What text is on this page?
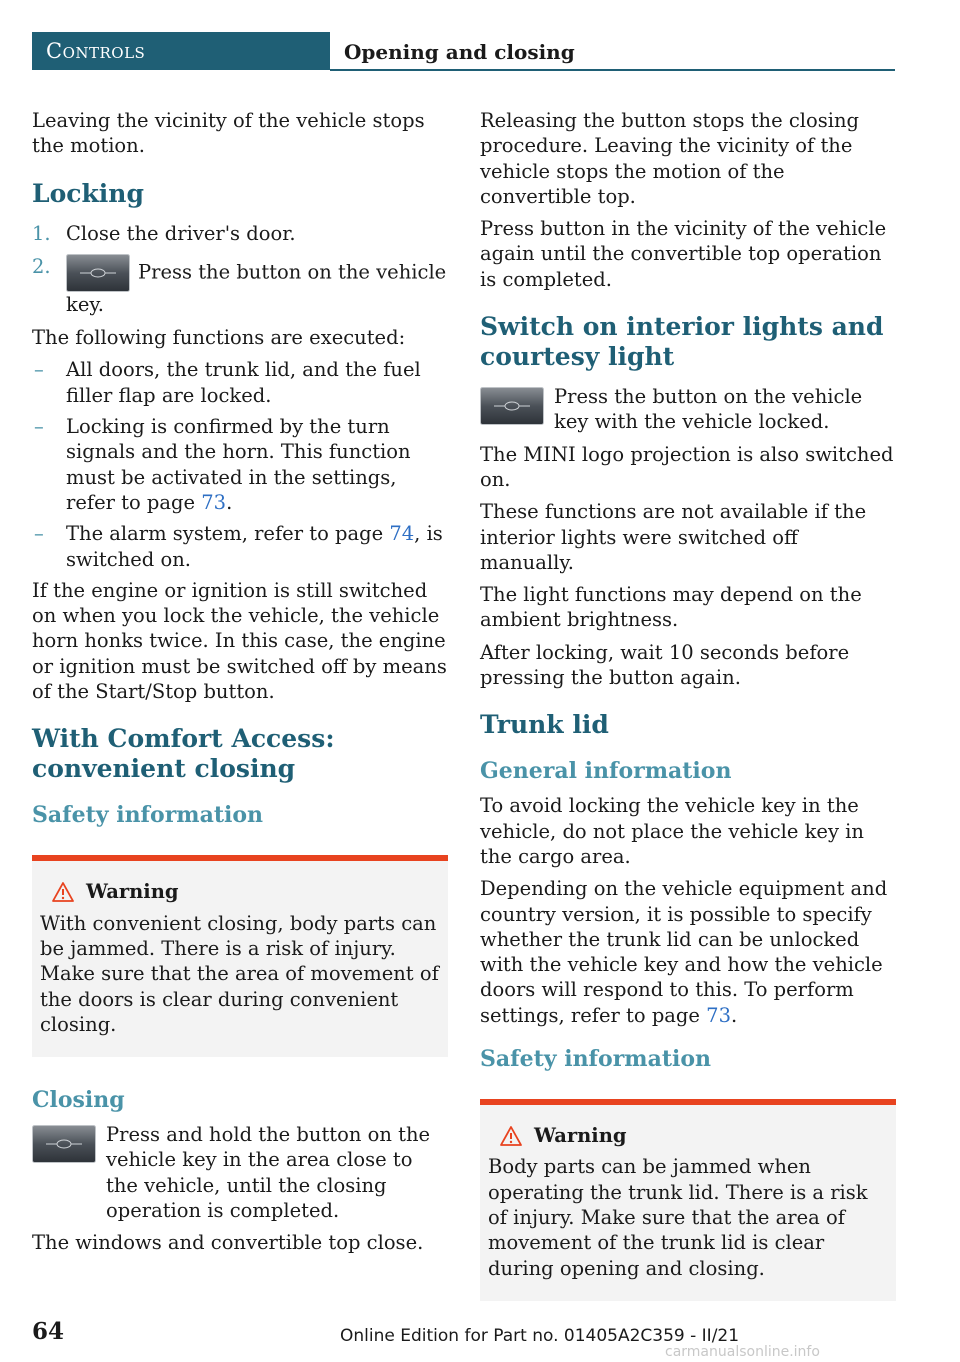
Controls	Opening and closing

Leaving the vicinity of the vehicle stops the motion.

Locking
1. Close the driver's door.
2.	Press the button on the vehicle key.

The following functions are executed:

– All doors, the trunk lid, and the fuel filler flap are locked.
– Locking is confirmed by the turn signals and the horn. This function must be activated in the settings, refer to page 73.
– The alarm system, refer to page 74, is switched on.

If the engine or ignition is still switched on when you lock the vehicle, the vehicle horn honks twice. In this case, the engine or ignition must be switched off by means of the Start/Stop button.

With Comfort Access: convenient closing
Safety information
Warning
With convenient closing, body parts can be jammed. There is a risk of injury. Make sure that the area of movement of the doors is clear during convenient closing.
Closing

Press and hold the button on the vehicle key in the area close to the vehicle, until the closing operation is completed.

The windows and convertible top close.

Releasing the button stops the closing procedure. Leaving the vicinity of the vehicle stops the motion of the convertible top.

Press button in the vicinity of the vehicle again until the convertible top operation is completed.

Switch on interior lights and courtesy light

Press the button on the vehicle key with the vehicle locked.

The MINI logo projection is also switched on.

These functions are not available if the interior lights were switched off manually.

The light functions may depend on the ambient brightness.

After locking, wait 10 seconds before pressing the button again.

Trunk lid
General information

To avoid locking the vehicle key in the vehicle, do not place the vehicle key in the cargo area.

Depending on the vehicle equipment and country version, it is possible to specify whether the trunk lid can be unlocked with the vehicle key and how the vehicle doors will respond to this. To perform settings, refer to page 73.

Safety information
Warning
Body parts can be jammed when operating the trunk lid. There is a risk of injury. Make sure that the area of movement of the trunk lid is clear during opening and closing.
64	Online Edition for Part no. 01405A2C359 - II/21
carmanualsonline.info
